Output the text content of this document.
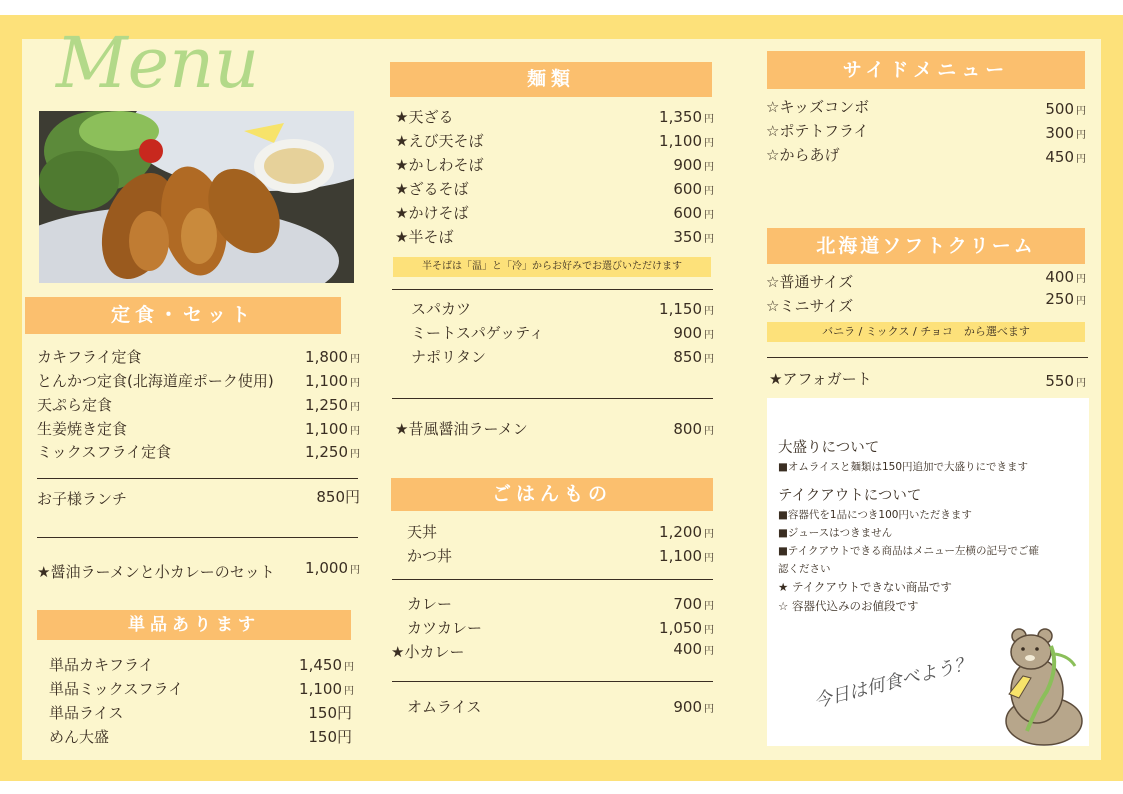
Menu
定食・セット
カキフライ定食	1,800 円
とんかつ定食(北海道産ポーク使用)	1,100 円
天ぷら定食	1,250 円
生姜焼き定食	1,100 円
ミックスフライ定食	1,250 円
お子様ランチ	850円
★醤油ラーメンと小カレーのセット	1,000 円
単品あります
単品カキフライ	1,450 円
単品ミックスフライ	1,100 円
単品ライス	150円
めん大盛	150円
麺類
★天ざる	1,350 円
★えび天そば	1,100 円
★かしわそば	900 円
★ざるそば	600 円
★かけそば	600 円
★半そば	350 円
半そばは「温」と「冷」からお好みでお選びいただけます
スパカツ	1,150 円
ミートスパゲッティ	900 円
ナポリタン	850 円
★昔風醤油ラーメン	800 円
ごはんもの
天丼	1,200 円
かつ丼	1,100 円
カレー	700 円
カツカレー	1,050 円
★小カレー	400 円
オムライス	900 円
サイドメニュー
☆キッズコンボ	500 円
☆ポテトフライ	300 円
☆からあげ	450 円
北海道ソフトクリーム
☆普通サイズ	400 円
☆ミニサイズ	250 円
バニラ / ミックス / チョコ　から選べます
★アフォガート	550 円
大盛りについて
■オムライスと麺類は150円追加で大盛りにできます
テイクアウトについて
■容器代を1品につき100円いただきます
■ジュースはつきません
■テイクアウトできる商品はメニュー左横の記号でご確
認ください
★ テイクアウトできない商品です
☆ 容器代込みのお値段です
今日は何食べよう？
